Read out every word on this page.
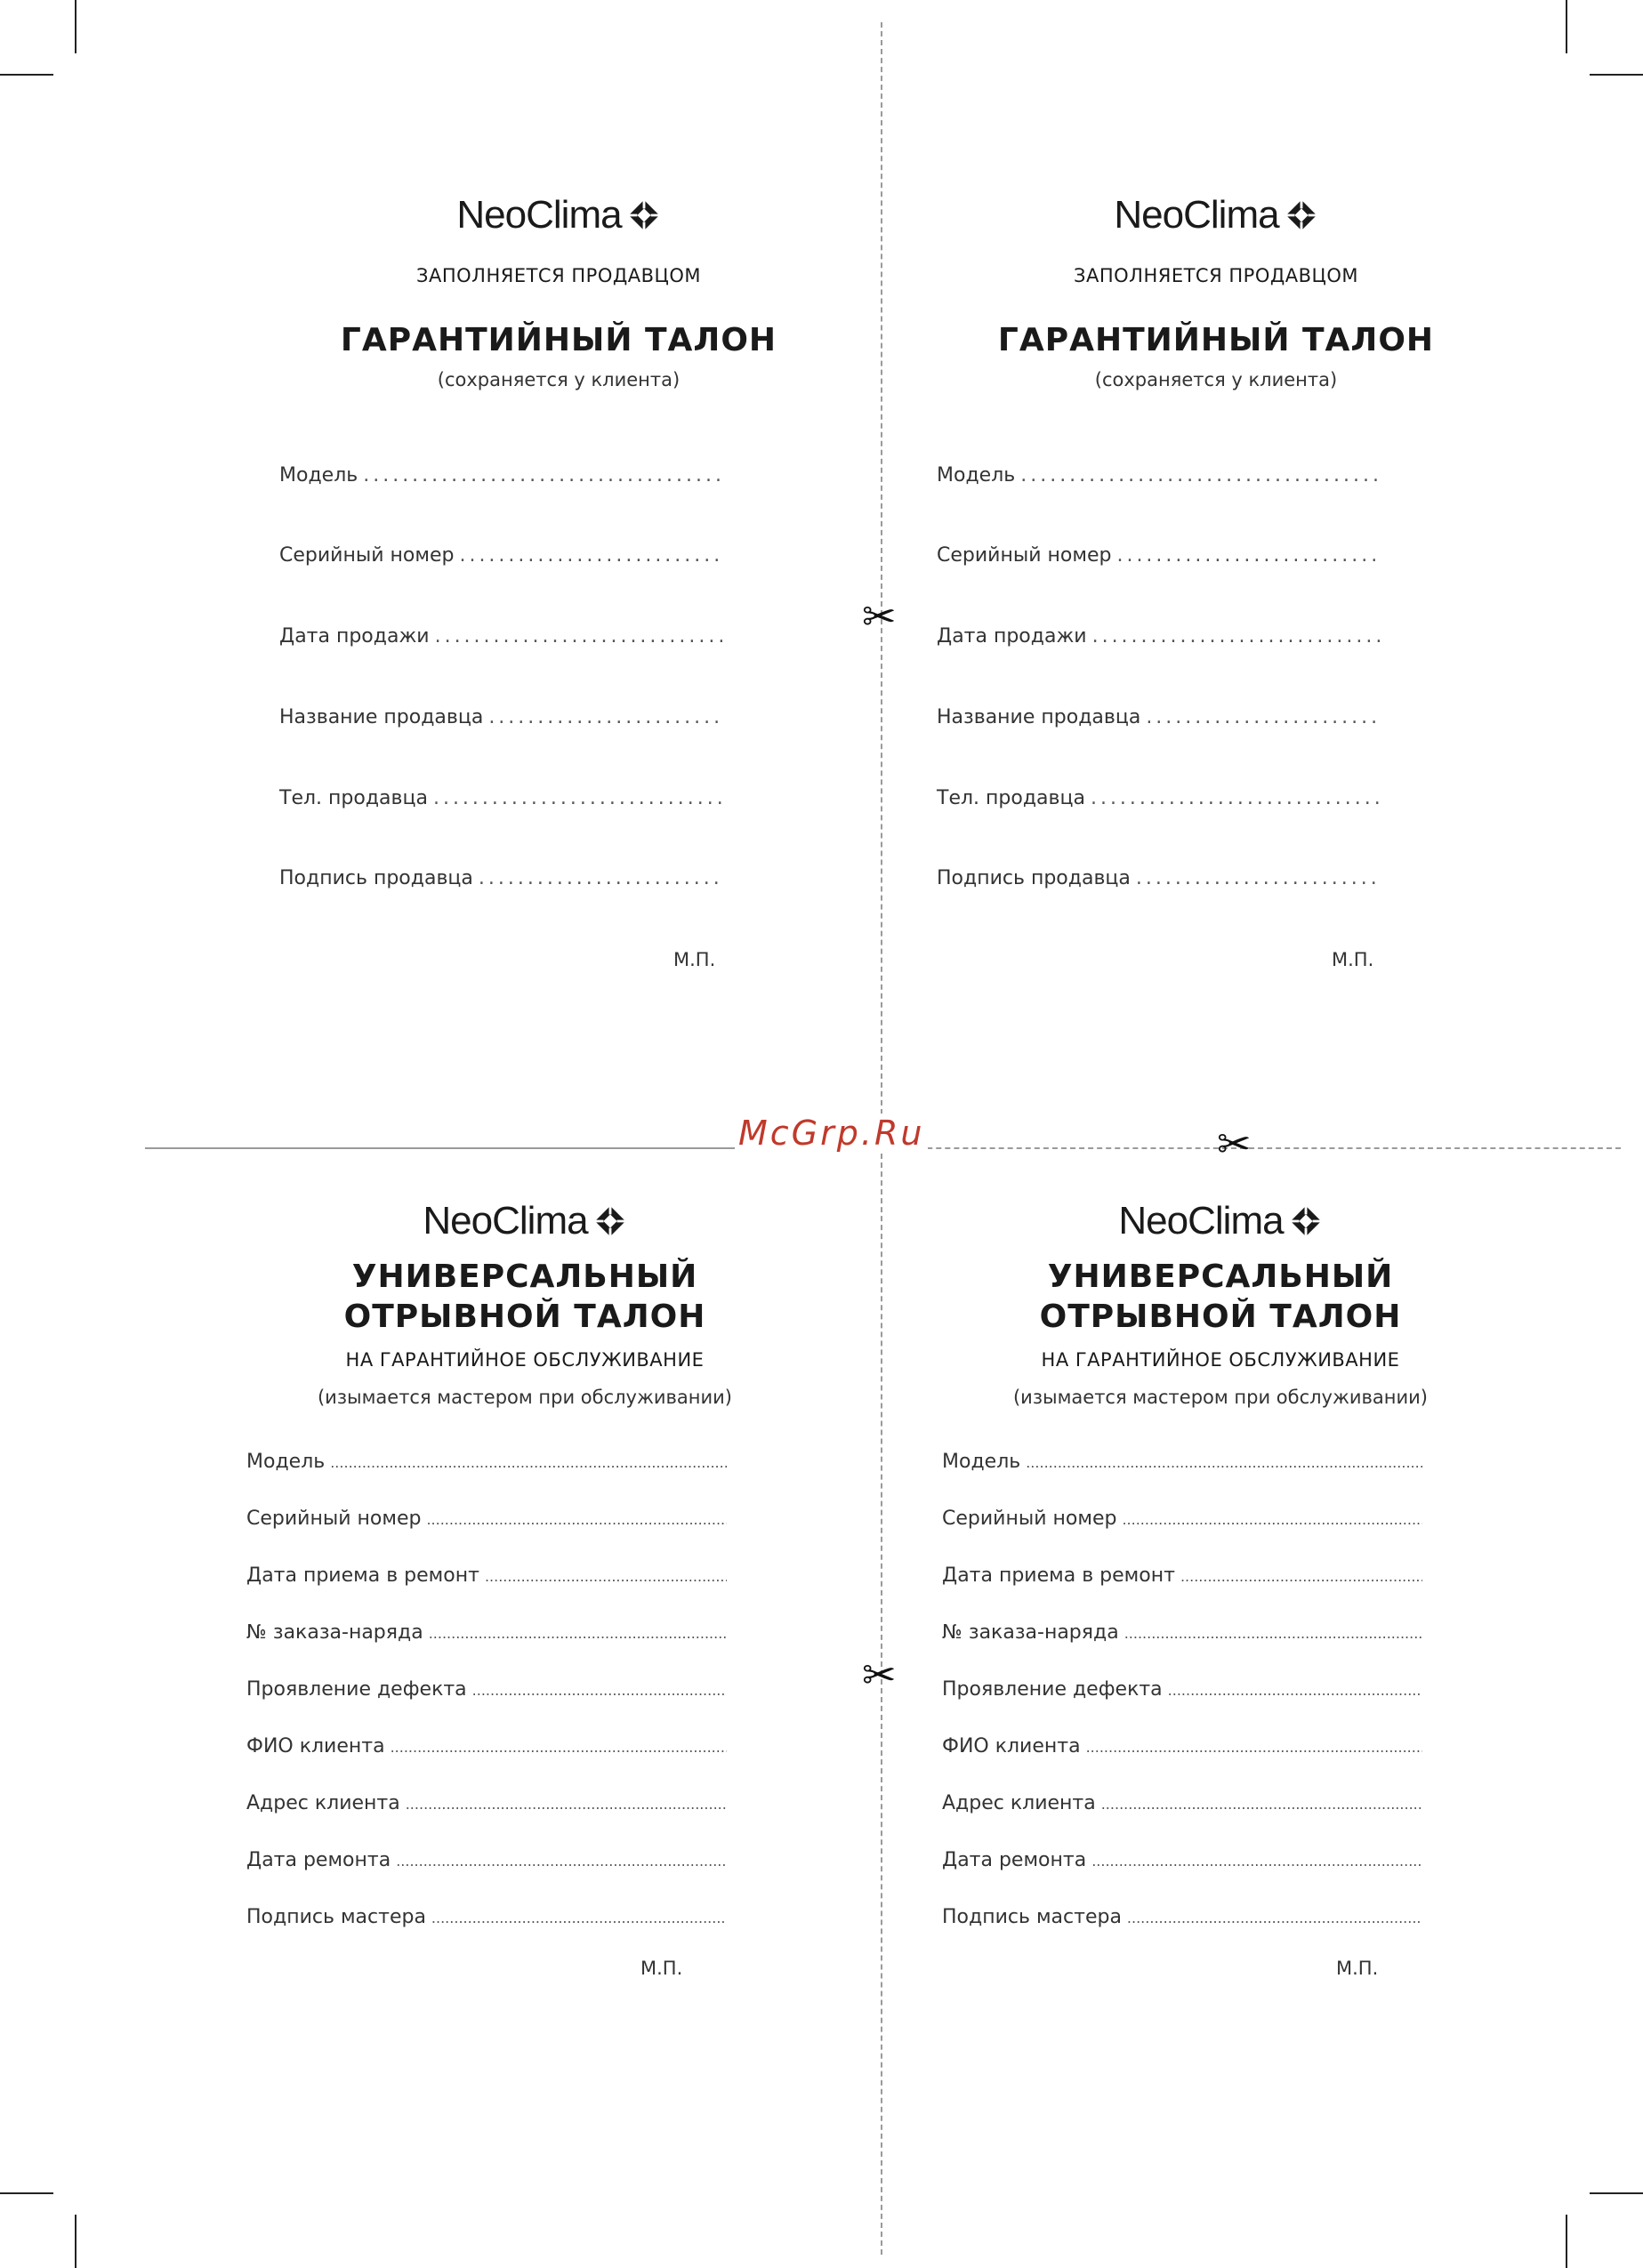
✂
✂
✂
McGrp.Ru
NeoClima
ЗАПОЛНЯЕТСЯ ПРОДАВЦОМ
ГАРАНТИЙНЫЙ ТАЛОН
(сохраняется у клиента)
Модель
.....
Серийный номер
.....
Дата продажи
.....
Название продавца
.....
Тел. продавца
.....
Подпись продавца
.....
М.П.
NeoClima
ЗАПОЛНЯЕТСЯ ПРОДАВЦОМ
ГАРАНТИЙНЫЙ ТАЛОН
(сохраняется у клиента)
Модель
.....
Серийный номер
.....
Дата продажи
.....
Название продавца
.....
Тел. продавца
.....
Подпись продавца
.....
М.П.
NeoClima
УНИВЕРСАЛЬНЫЙ
ОТРЫВНОЙ ТАЛОН
НА ГАРАНТИЙНОЕ ОБСЛУЖИВАНИЕ
(изымается мастером при обслуживании)
Модель
.....
Серийный номер
.....
Дата приема в ремонт
.....
№ заказа-наряда
.....
Проявление дефекта
.....
ФИО клиента
.....
Адрес клиента
.....
Дата ремонта
.....
Подпись мастера
.....
М.П.
NeoClima
УНИВЕРСАЛЬНЫЙ
ОТРЫВНОЙ ТАЛОН
НА ГАРАНТИЙНОЕ ОБСЛУЖИВАНИЕ
(изымается мастером при обслуживании)
Модель
.....
Серийный номер
.....
Дата приема в ремонт
.....
№ заказа-наряда
.....
Проявление дефекта
.....
ФИО клиента
.....
Адрес клиента
.....
Дата ремонта
.....
Подпись мастера
.....
М.П.
